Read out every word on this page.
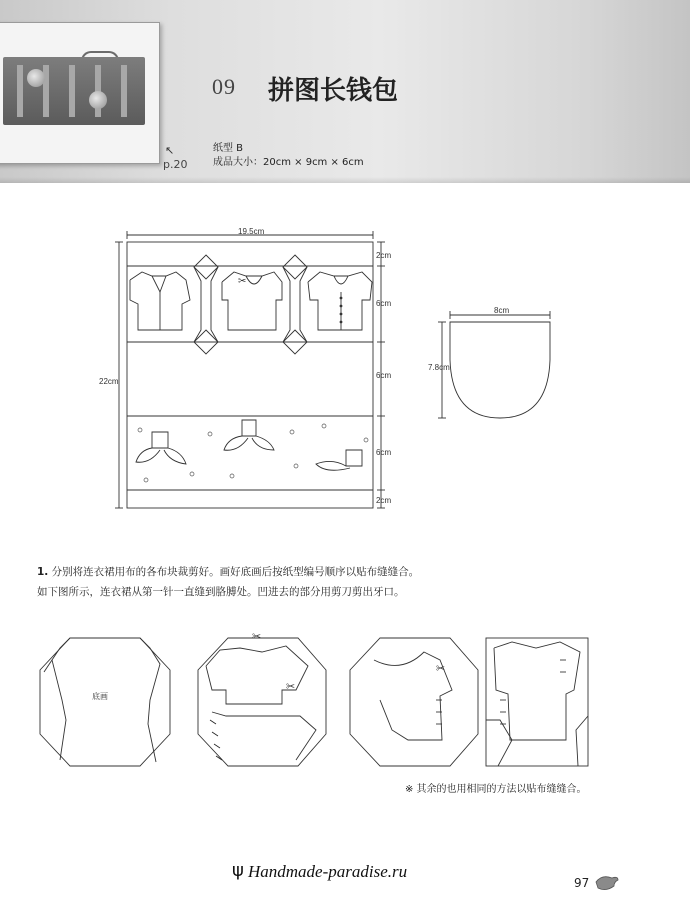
↖
p.20
09 拼图长钱包
纸型 B
成品大小：20cm × 9cm × 6cm
✂
✂
✂
✂
19.5cm
22cm
2cm
6cm
6cm
6cm
2cm
8cm
7.8cm
底画
1. 分别将连衣裙用布的各布块裁剪好。画好底画后按纸型编号顺序以贴布缝缝合。
如下图所示，连衣裙从第一针一直缝到胳膊处。凹进去的部分用剪刀剪出牙口。
※ 其余的也用相同的方法以贴布缝缝合。
ψ Handmade-paradise.ru
97
